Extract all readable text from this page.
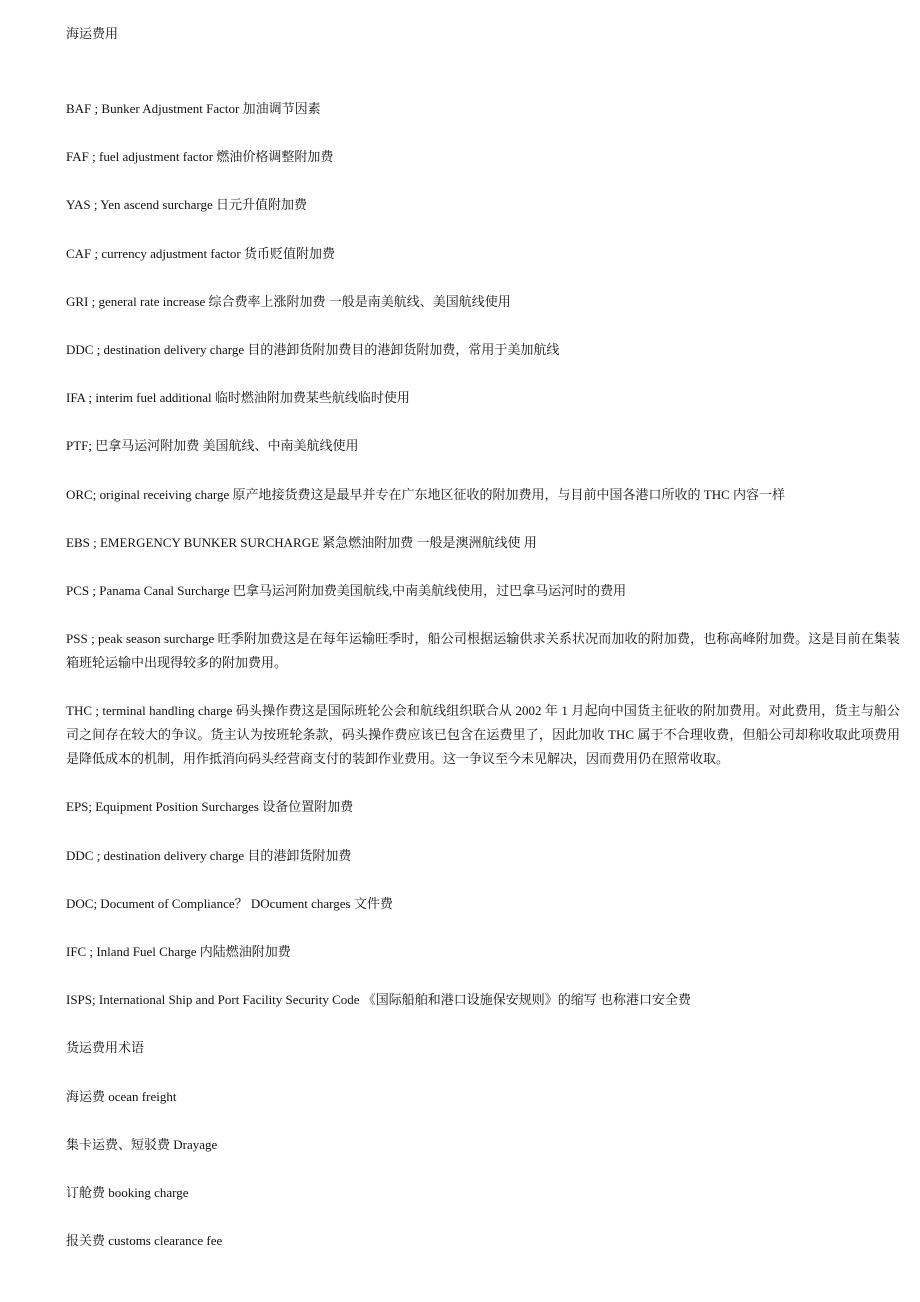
海运费用
BAF ; Bunker Adjustment Factor 加油调节因素
FAF ; fuel adjustment factor 燃油价格调整附加费
YAS ; Yen ascend surcharge 日元升值附加费
CAF ; currency adjustment factor 货币贬值附加费
GRI ; general rate increase 综合费率上涨附加费 一般是南美航线、美国航线使用
DDC ; destination delivery charge 目的港卸货附加费目的港卸货附加费，常用于美加航线
IFA ; interim fuel additional 临时燃油附加费某些航线临时使用
PTF; 巴拿马运河附加费 美国航线、中南美航线使用
ORC; original receiving charge 原产地接货费这是最早并专在广东地区征收的附加费用，与目前中国各港口所收的 THC 内容一样
EBS ; EMERGENCY BUNKER SURCHARGE 紧急燃油附加费 一般是澳洲航线使 用
PCS ; Panama Canal Surcharge 巴拿马运河附加费美国航线,中南美航线使用，过巴拿马运河时的费用
PSS ; peak season surcharge 旺季附加费这是在每年运输旺季时，船公司根据运输供求关系状况而加收的附加费，也称高峰附加费。这是目前在集装箱班轮运输中出现得较多的附加费用。
THC ; terminal handling charge 码头操作费这是国际班轮公会和航线组织联合从 2002 年 1 月起向中国货主征收的附加费用。对此费用，货主与船公司之间存在较大的争议。货主认为按班轮条款，码头操作费应该已包含在运费里了，因此加收 THC 属于不合理收费，但船公司却称收取此项费用是降低成本的机制，用作抵消向码头经营商支付的装卸作业费用。这一争议至今未见解决，因而费用仍在照常收取。
EPS; Equipment Position Surcharges 设备位置附加费
DDC ; destination delivery charge 目的港卸货附加费
DOC; Document of Compliance？ DOcument charges 文件费
IFC ; Inland Fuel Charge 内陆燃油附加费
ISPS; International Ship and Port Facility Security Code 《国际船舶和港口设施保安规则》的缩写 也称港口安全费
货运费用术语
海运费 ocean freight
集卡运费、短驳费 Drayage
订舱费 booking charge
报关费 customs clearance fee
